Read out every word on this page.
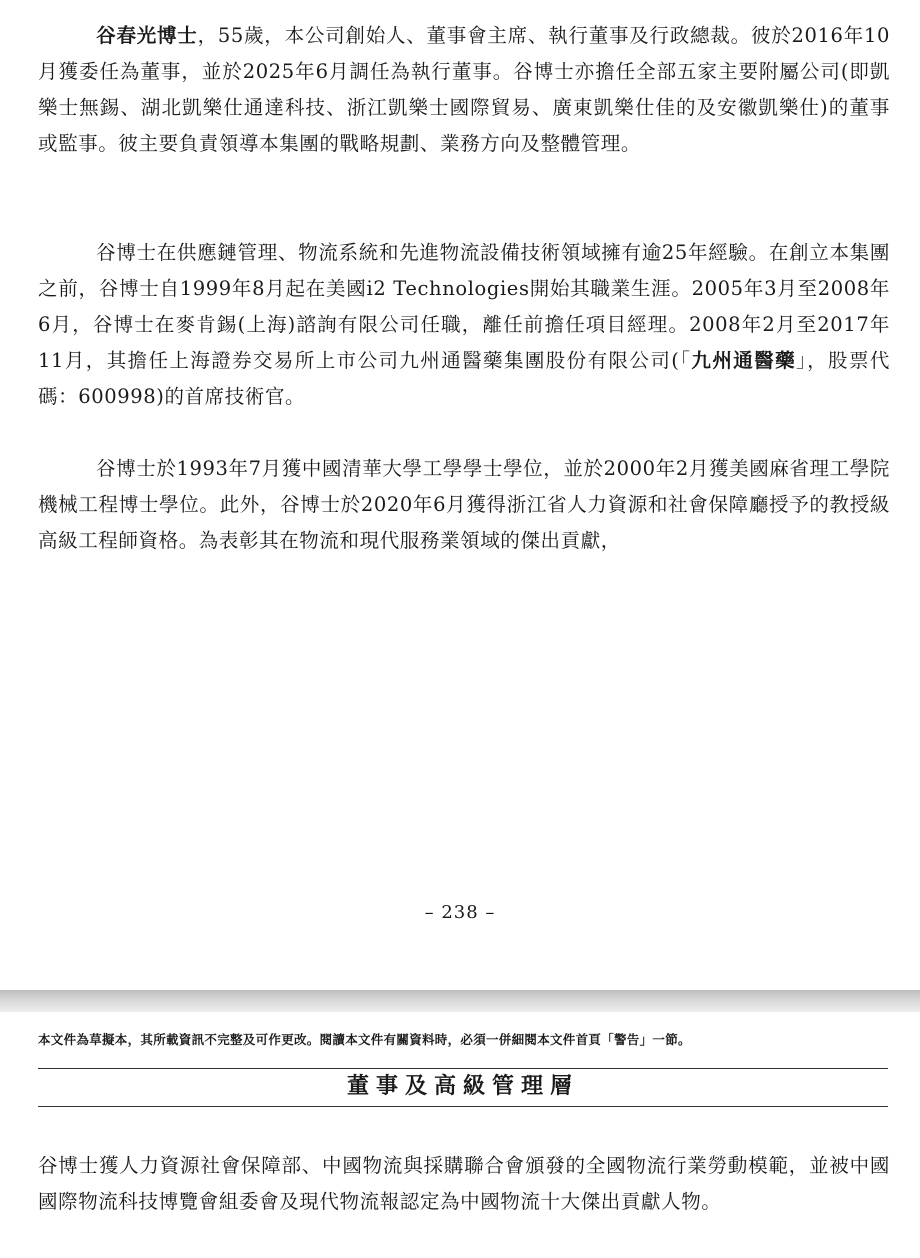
谷春光博士，55歲，本公司創始人、董事會主席、執行董事及行政總裁。彼於2016年10月獲委任為董事，並於2025年6月調任為執行董事。谷博士亦擔任全部五家主要附屬公司(即凱樂士無錫、湖北凱樂仕通達科技、浙江凱樂士國際貿易、廣東凱樂仕佳的及安徽凱樂仕)的董事或監事。彼主要負責領導本集團的戰略規劃、業務方向及整體管理。

谷博士在供應鏈管理、物流系統和先進物流設備技術領域擁有逾25年經驗。在創立本集團之前，谷博士自1999年8月起在美國i2 Technologies開始其職業生涯。2005年3月至2008年6月，谷博士在麥肯錫(上海)諮詢有限公司任職，離任前擔任項目經理。2008年2月至2017年11月，其擔任上海證券交易所上市公司九州通醫藥集團股份有限公司(「九州通醫藥」，股票代碼：600998)的首席技術官。

谷博士於1993年7月獲中國清華大學工學學士學位，並於2000年2月獲美國麻省理工學院機械工程博士學位。此外，谷博士於2020年6月獲得浙江省人力資源和社會保障廳授予的教授級高級工程師資格。為表彰其在物流和現代服務業領域的傑出貢獻，

– 238 –
本文件為草擬本，其所載資訊不完整及可作更改。閱讀本文件有關資料時，必須一併細閱本文件首頁「警告」一節。
董事及高級管理層

谷博士獲人力資源社會保障部、中國物流與採購聯合會頒發的全國物流行業勞動模範，並被中國國際物流科技博覽會組委會及現代物流報認定為中國物流十大傑出貢獻人物。
